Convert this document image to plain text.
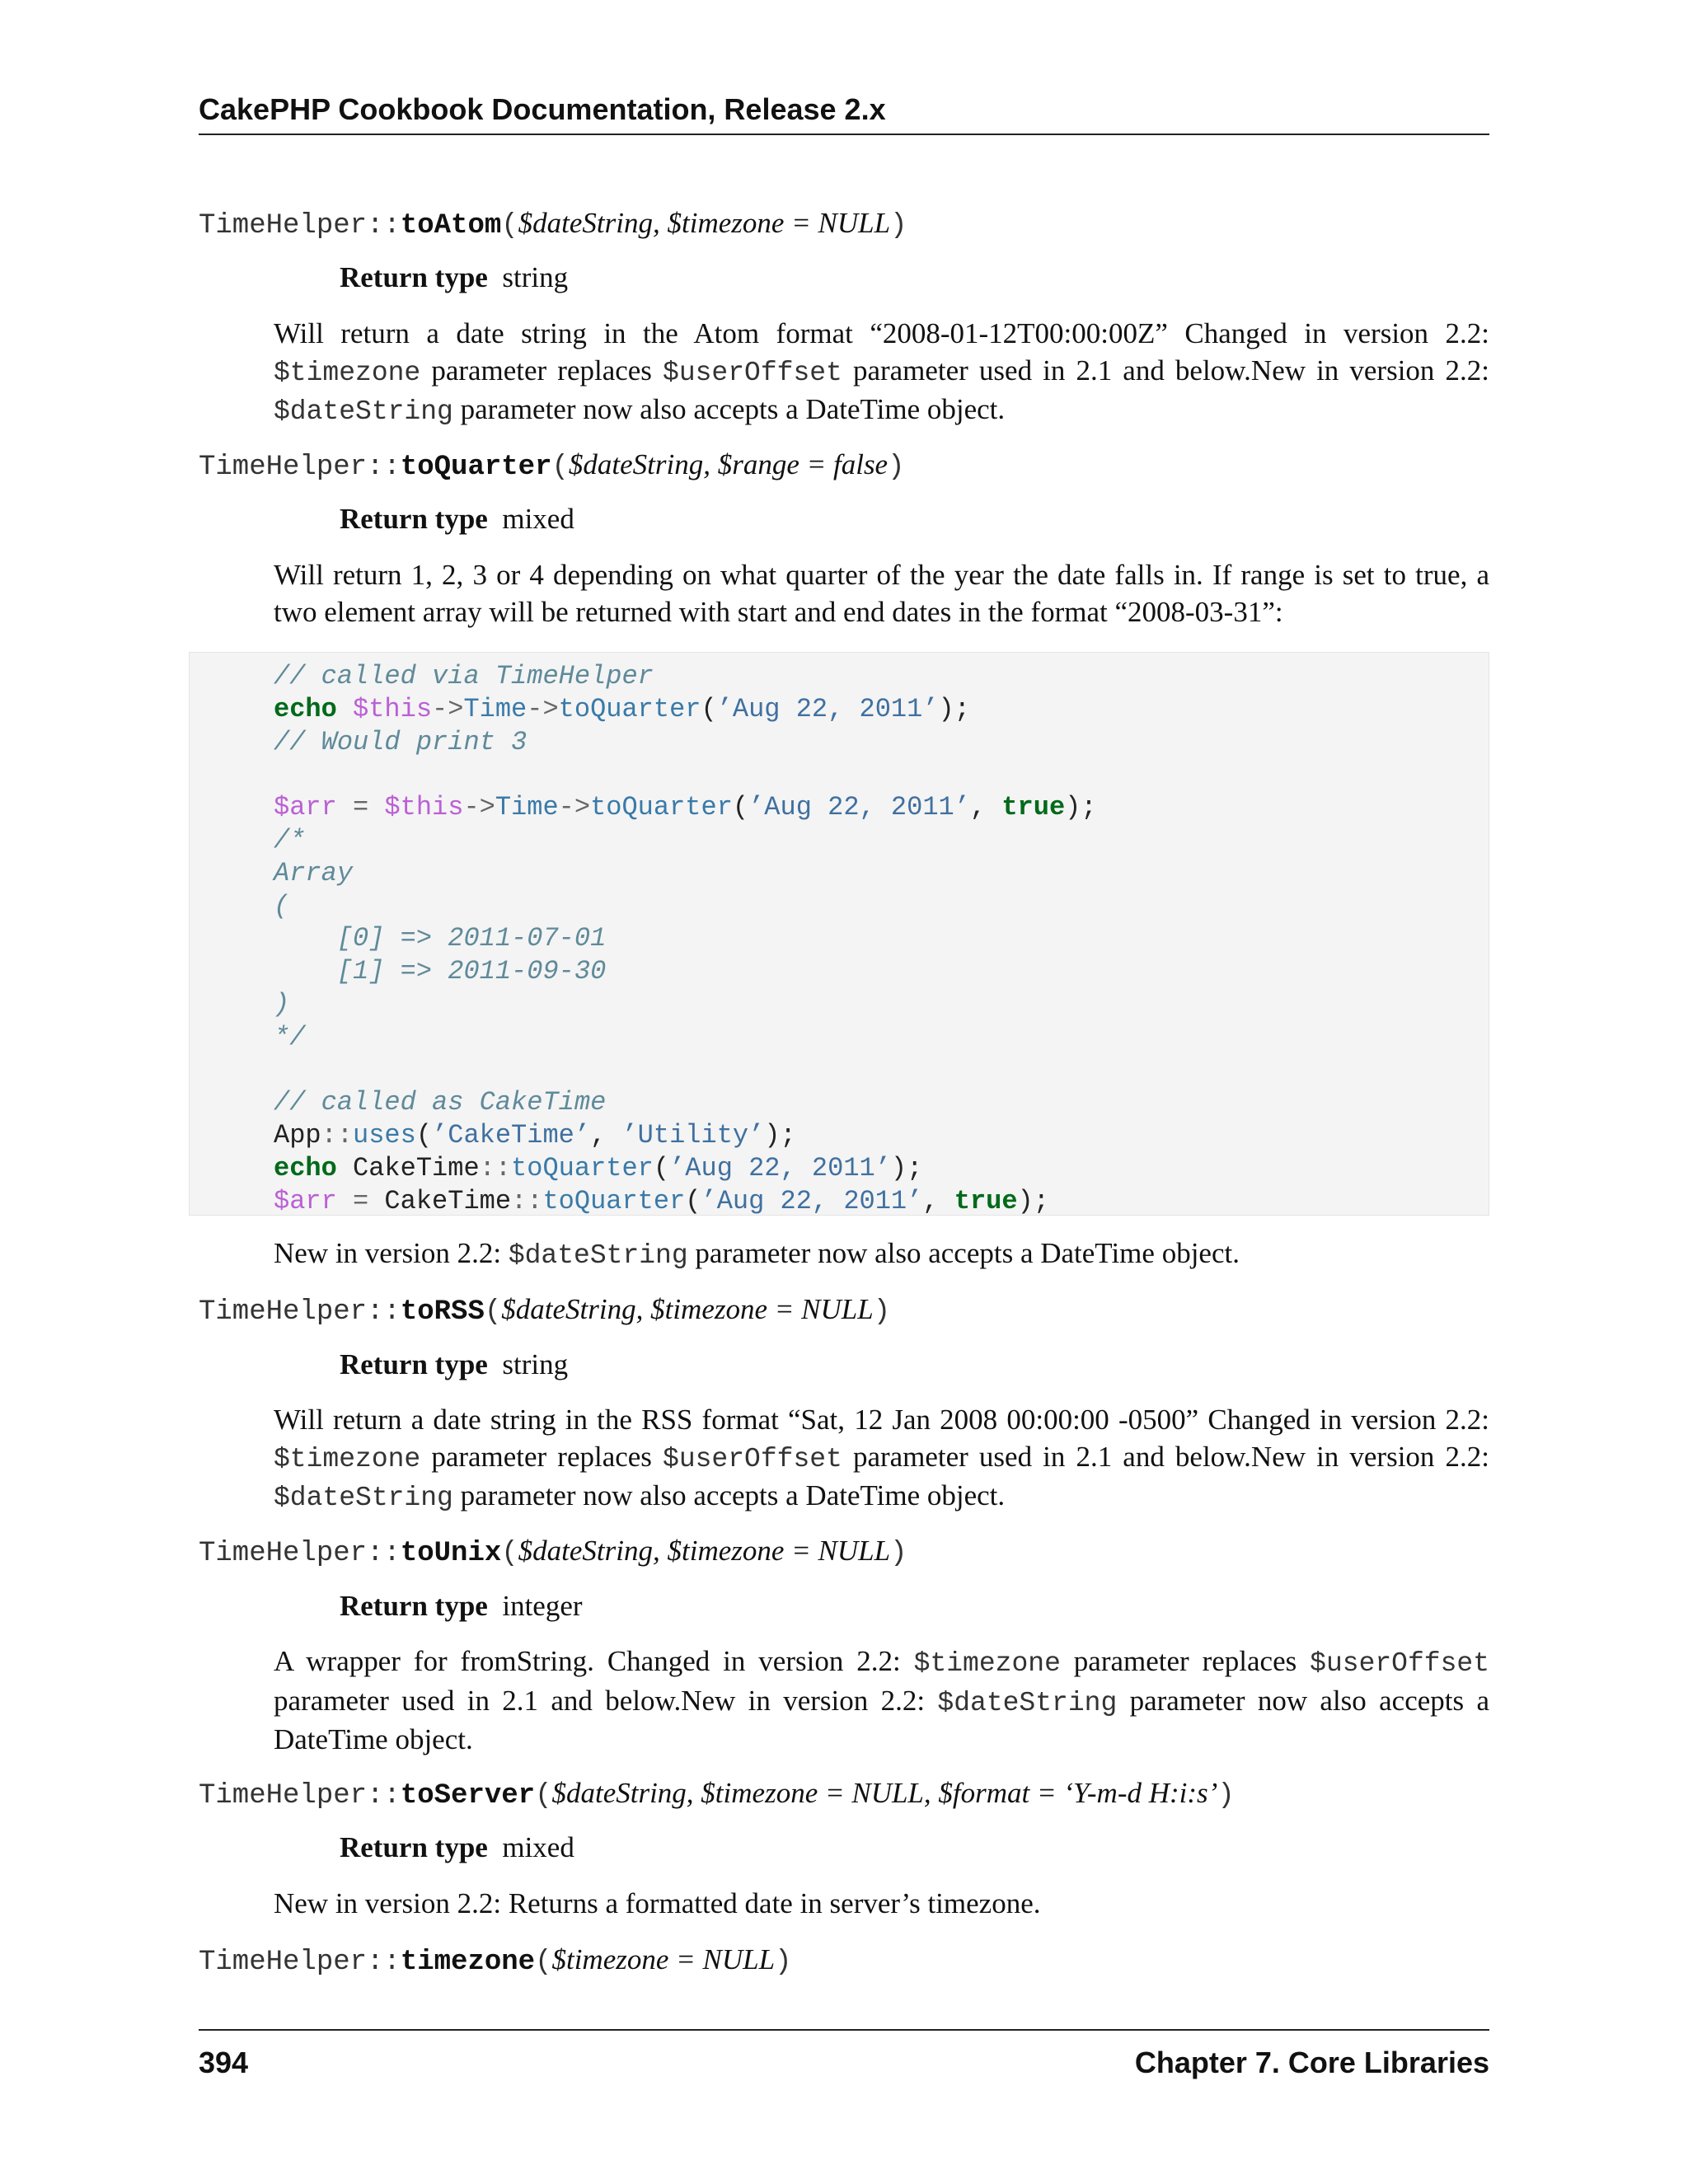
CakePHP Cookbook Documentation, Release 2.x
TimeHelper::toAtom($dateString, $timezone = NULL)
Return type string
Will return a date string in the Atom format “2008-01-12T00:00:00Z” Changed in version 2.2: $timezone parameter replaces $userOffset parameter used in 2.1 and below.New in version 2.2: $dateString parameter now also accepts a DateTime object.
TimeHelper::toQuarter($dateString, $range = false)
Return type mixed
Will return 1, 2, 3 or 4 depending on what quarter of the year the date falls in. If range is set to true, a two element array will be returned with start and end dates in the format “2008-03-31”:
// called via TimeHelper
echo $this->Time->toQuarter(’Aug 22, 2011’);
// Would print 3

$arr = $this->Time->toQuarter(’Aug 22, 2011’, true);
/*
Array
(
[0] => 2011-07-01
[1] => 2011-09-30
)
*/

// called as CakeTime
App::uses(’CakeTime’, ’Utility’);
echo CakeTime::toQuarter(’Aug 22, 2011’);
$arr = CakeTime::toQuarter(’Aug 22, 2011’, true);
New in version 2.2: $dateString parameter now also accepts a DateTime object.
TimeHelper::toRSS($dateString, $timezone = NULL)
Return type string
Will return a date string in the RSS format “Sat, 12 Jan 2008 00:00:00 -0500” Changed in version 2.2: $timezone parameter replaces $userOffset parameter used in 2.1 and below.New in version 2.2: $dateString parameter now also accepts a DateTime object.
TimeHelper::toUnix($dateString, $timezone = NULL)
Return type integer
A wrapper for fromString. Changed in version 2.2: $timezone parameter replaces $userOffset parameter used in 2.1 and below.New in version 2.2: $dateString parameter now also accepts a DateTime object.
TimeHelper::toServer($dateString, $timezone = NULL, $format = ‘Y-m-d H:i:s’)
Return type mixed
New in version 2.2: Returns a formatted date in server’s timezone.
TimeHelper::timezone($timezone = NULL)
394	Chapter 7. Core Libraries
